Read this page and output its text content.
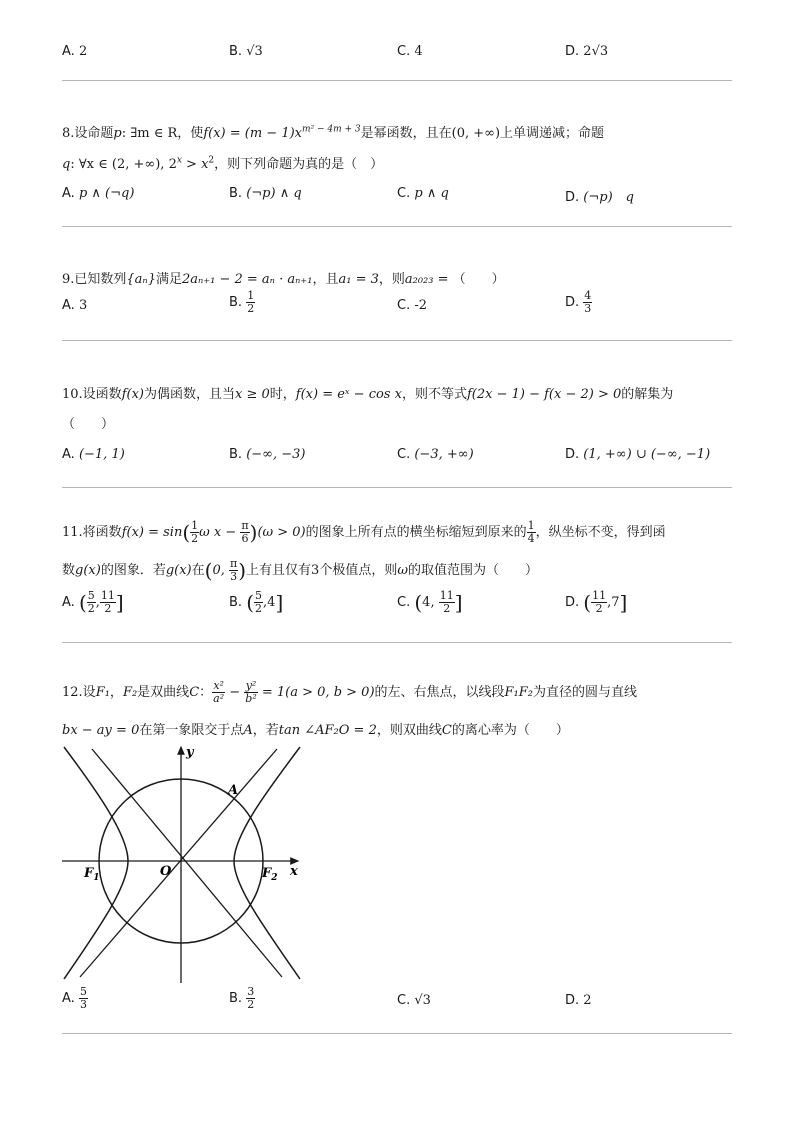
A. 2	B. √3	C. 4	D. 2√3
8.设命题p: ∃m ∈ R，使$f(x) = (m - 1)x^{m^2 - 4m + 3}$是幂函数，且在(0, +∞)上单调递减；命题
q: ∀x ∈ (2, +∞), $2^x > x^2$，则下列命题为真的是（　）
A. p ∧ (¬q)	B. (¬p) ∧ q	C. p ∧ q	D. (¬p)　q
9.已知数列{aₙ}满足2aₙ₊₁ − 2 = aₙ · aₙ₊₁，且a₁ = 3，则a₂₀₂₃ = （　　）
A. 3	B. $\frac{1}{2}$	C. -2	D. $\frac{4}{3}$
10.设函数f(x)为偶函数，且当x ≥ 0时，f(x) = eˣ − cos x，则不等式f(2x − 1) − f(x − 2) > 0的解集为
（　　）
A. (−1, 1)	B. (−∞, −3)	C. (−3, +∞)	D. (1, +∞) ∪ (−∞, −1)
11.将函数$f(x) = \sin( \frac{1}{2}$ ω $x - \frac{\pi}{6} )(\omega > 0)$的图象上所有点的横坐标缩短到原来的 $\frac{1}{4}$ ，纵坐标不变，得到函
数g(x)的图象．若g(x)在(0, $\frac{\pi}{3}$ )上有且仅有3个极值点，则ω的取值范围为（　　）
A. ( $\frac{5}{2}$ , $\frac{11}{2}$ ]	B. ( $\frac{5}{2} ,4$]	C. (4, $\frac{11}{2}$ ]	D. ( $\frac{11}{2} ,7$]
12.设F₁，F₂是双曲线C： $\frac{\text{x²}}{\text{a²}} - \frac{\text{y²}}{\text{b²}} = 1(a > 0$, b > 0)的左、右焦点，以线段F₁F₂为直径的圆与直线
bx − ay = 0在第一象限交于点A，若tan ∠AF₂O = 2，则双曲线C的离心率为（　　）
y
x
A
O
$F_1$	$F_2$
A. $\frac{5}{3}$	B. $\frac{3}{2}$	C. √3	D. 2
